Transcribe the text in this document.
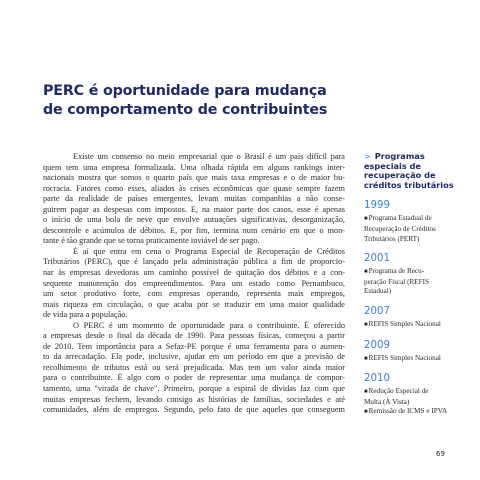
PERC é oportunidade para mudança
de comportamento de contribuintes
Existe um consenso no meio empresarial que o Brasil é um país difícil para
quem tem uma empresa formalizada. Uma olhada rápida em alguns rankings inter-
nacionais mostra que somos o quarto país que mais taxa empresas e o de maior bu-
rocracia. Fatores como esses, aliados às crises econômicas que quase sempre fazem
parte da realidade de países emergentes, levam muitas companhias a não conse-
guirem pagar as despesas com impostos. E, na maior parte dos casos, esse é apenas
o início de uma bola de neve que envolve autuações significativas, desorganização,
descontrole e acúmulos de débitos. E, por fim, termina num cenário em que o mon-
tante é tão grande que se torna praticamente inviável de ser pago.
É aí que entra em cena o Programa Especial de Recuperação de Créditos
Tributários (PERC), que é lançado pela administração pública a fim de proporcio-
nar às empresas devedoras um caminho possível de quitação dos débitos e a con-
sequente manutenção dos empreendimentos. Para um estado como Pernambuco,
um setor produtivo forte, com empresas operando, representa mais empregos,
mais riqueza em circulação, o que acaba por se traduzir em uma maior qualidade
de vida para a população.
O PERC é um momento de oportunidade para o contribuinte. É oferecido
a empresas desde o final da década de 1990. Para pessoas físicas, começou a partir
de 2010. Tem importância para a Sefaz-PE porque é uma ferramenta para o aumen-
to da arrecadação. Ela pode, inclusive, ajudar em um período em que a previsão de
recolhimento de tributos está ou será prejudicada. Mas tem um valor ainda maior
para o contribuinte. É algo com o poder de representar uma mudança de compor-
tamento, uma "virada de chave". Primeiro, porque a espiral de dívidas faz com que
muitas empresas fechem, levando consigo as histórias de famílias, sociedades e até
comunidades, além de empregos. Segundo, pelo fato de que aqueles que conseguem
> Programas
especiais de
recuperação de
créditos tributários
1999
■Programa Estadual de
Recuperação de Créditos
Tributários (PERT)
2001
■Programa de Recu-
peração Fiscal (REFIS
Estadual)
2007
■REFIS Simples Nacional
2009
■REFIS Simples Nacional
2010
■Redução Especial de
Multa (À Vista)
■Remissão de ICMS e IPVA
69
